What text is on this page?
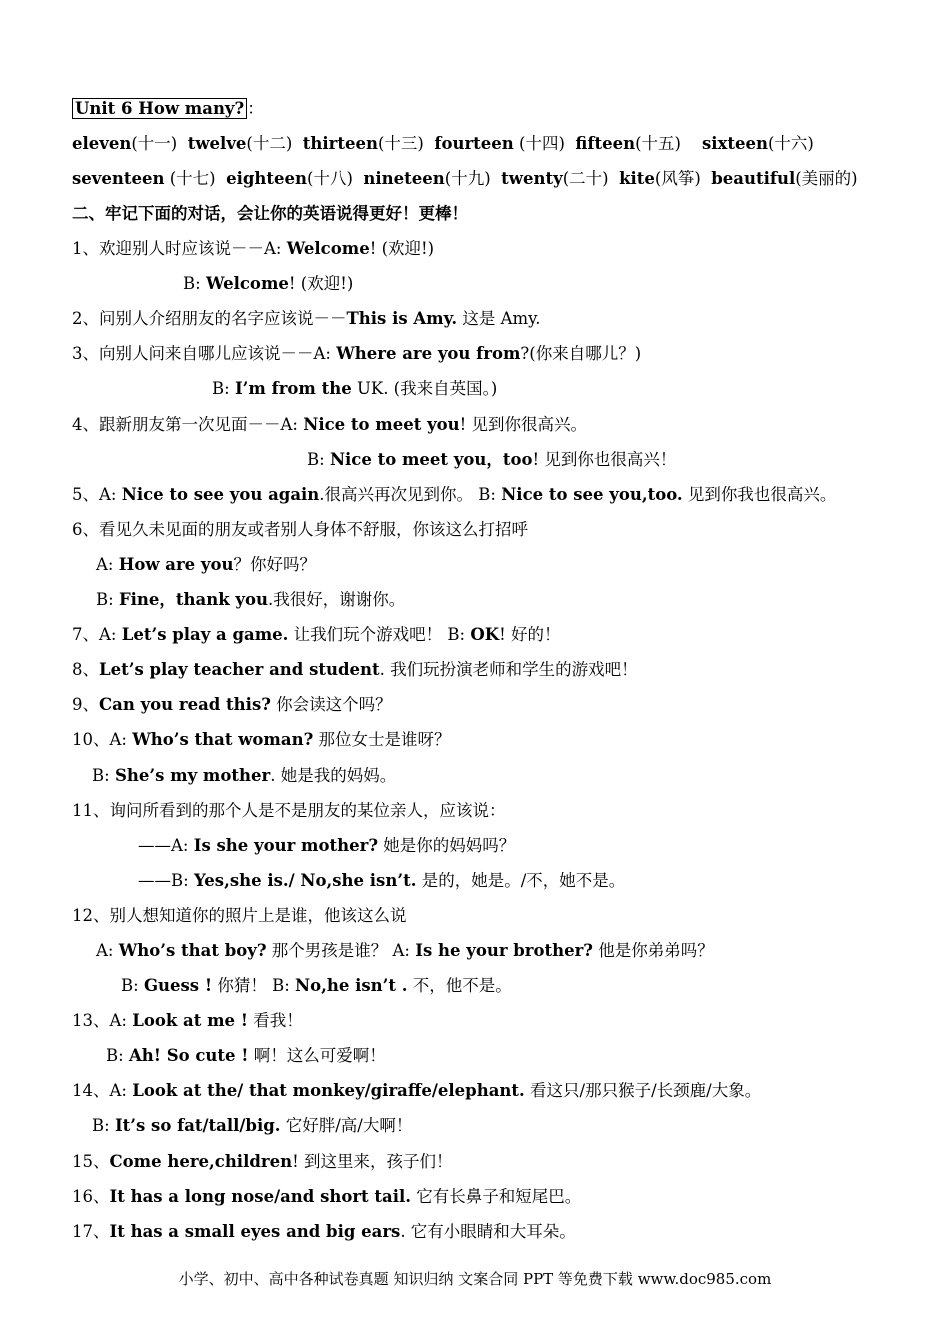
Unit 6 How many? ：
eleven(十一) twelve(十二) thirteen(十三) fourteen (十四) fifteen(十五) sixteen(十六)
seventeen (十七) eighteen(十八) nineteen(十九) twenty(二十) kite(风筝) beautiful(美丽的)
二、牢记下面的对话，会让你的英语说得更好！更棒！
1、欢迎别人时应该说－－A: Welcome! (欢迎!)
B: Welcome! (欢迎!)
2、问别人介绍朋友的名字应该说－－This is Amy. 这是 Amy.
3、向别人问来自哪儿应该说－－A: Where are you from?(你来自哪儿？)
B: I’m from the UK. (我来自英国。)
4、跟新朋友第一次见面－－A: Nice to meet you! 见到你很高兴。
B: Nice to meet you，too! 见到你也很高兴！
5、A: Nice to see you again.很高兴再次见到你。 B: Nice to see you,too. 见到你我也很高兴。
6、看见久未见面的朋友或者别人身体不舒服，你该这么打招呼
A: How are you？你好吗？
B: Fine，thank you.我很好，谢谢你。
7、A: Let’s play a game. 让我们玩个游戏吧！ B: OK! 好的！
8、Let’s play teacher and student. 我们玩扮演老师和学生的游戏吧！
9、Can you read this? 你会读这个吗？
10、A: Who’s that woman? 那位女士是谁呀？
B: She’s my mother. 她是我的妈妈。
11、询问所看到的那个人是不是朋友的某位亲人，应该说：
——A: Is she your mother? 她是你的妈妈吗？
——B: Yes,she is./ No,she isn’t. 是的，她是。/不，她不是。
12、别人想知道你的照片上是谁，他该这么说
A: Who’s that boy? 那个男孩是谁？ A: Is he your brother? 他是你弟弟吗？
B: Guess ! 你猜！ B: No,he isn’t . 不，他不是。
13、A: Look at me ! 看我！
B: Ah! So cute ! 啊！这么可爱啊！
14、A: Look at the/ that monkey/giraffe/elephant. 看这只/那只猴子/长颈鹿/大象。
B: It’s so fat/tall/big. 它好胖/高/大啊！
15、Come here,children! 到这里来，孩子们！
16、It has a long nose/and short tail. 它有长鼻子和短尾巴。
17、It has a small eyes and big ears. 它有小眼睛和大耳朵。
小学、初中、高中各种试卷真题 知识归纳 文案合同 PPT 等免费下载 www.doc985.com
